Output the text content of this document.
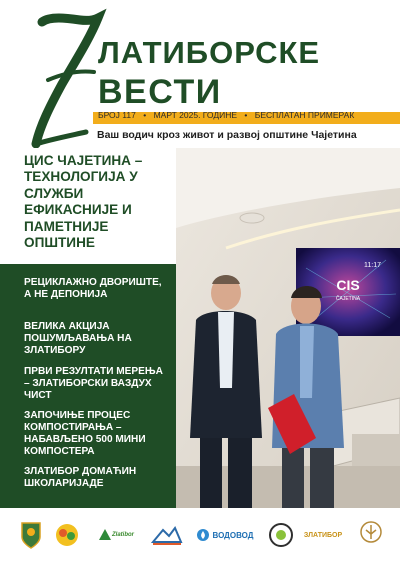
ЛАТИБОРСКЕ
ВЕСТИ
БРОЈ 117 • МАРТ 2025. ГОДИНЕ • БЕСПЛАТАН ПРИМЕРАК
Ваш водич кроз живот и развој општине Чајетина
ЦИС ЧАЈЕТИНА – ТЕХНОЛОГИЈА У СЛУЖБИ ЕФИКАСНИЈЕ И ПАМЕТНИЈЕ ОПШТИНЕ
11:17
CIS
ČAJETINA
РЕЦИКЛАЖНО ДВОРИШТЕ, А НЕ ДЕПОНИЈА
ВЕЛИКА АКЦИЈА ПОШУМЉАВАЊА НА ЗЛАТИБОРУ
ПРВИ РЕЗУЛТАТИ МЕРЕЊА – ЗЛАТИБОРСКИ ВАЗДУХ ЧИСТ
ЗАПОЧИЊЕ ПРОЦЕС КОМПОСТИРАЊА – НАБАВЉЕНО 500 МИНИ КОМПОСТЕРА
ЗЛАТИБОР ДОМАЋИН ШКОЛАРИЈАДЕ
Zlatibor	ВОДОВОД	ЗЛАТИБОР
